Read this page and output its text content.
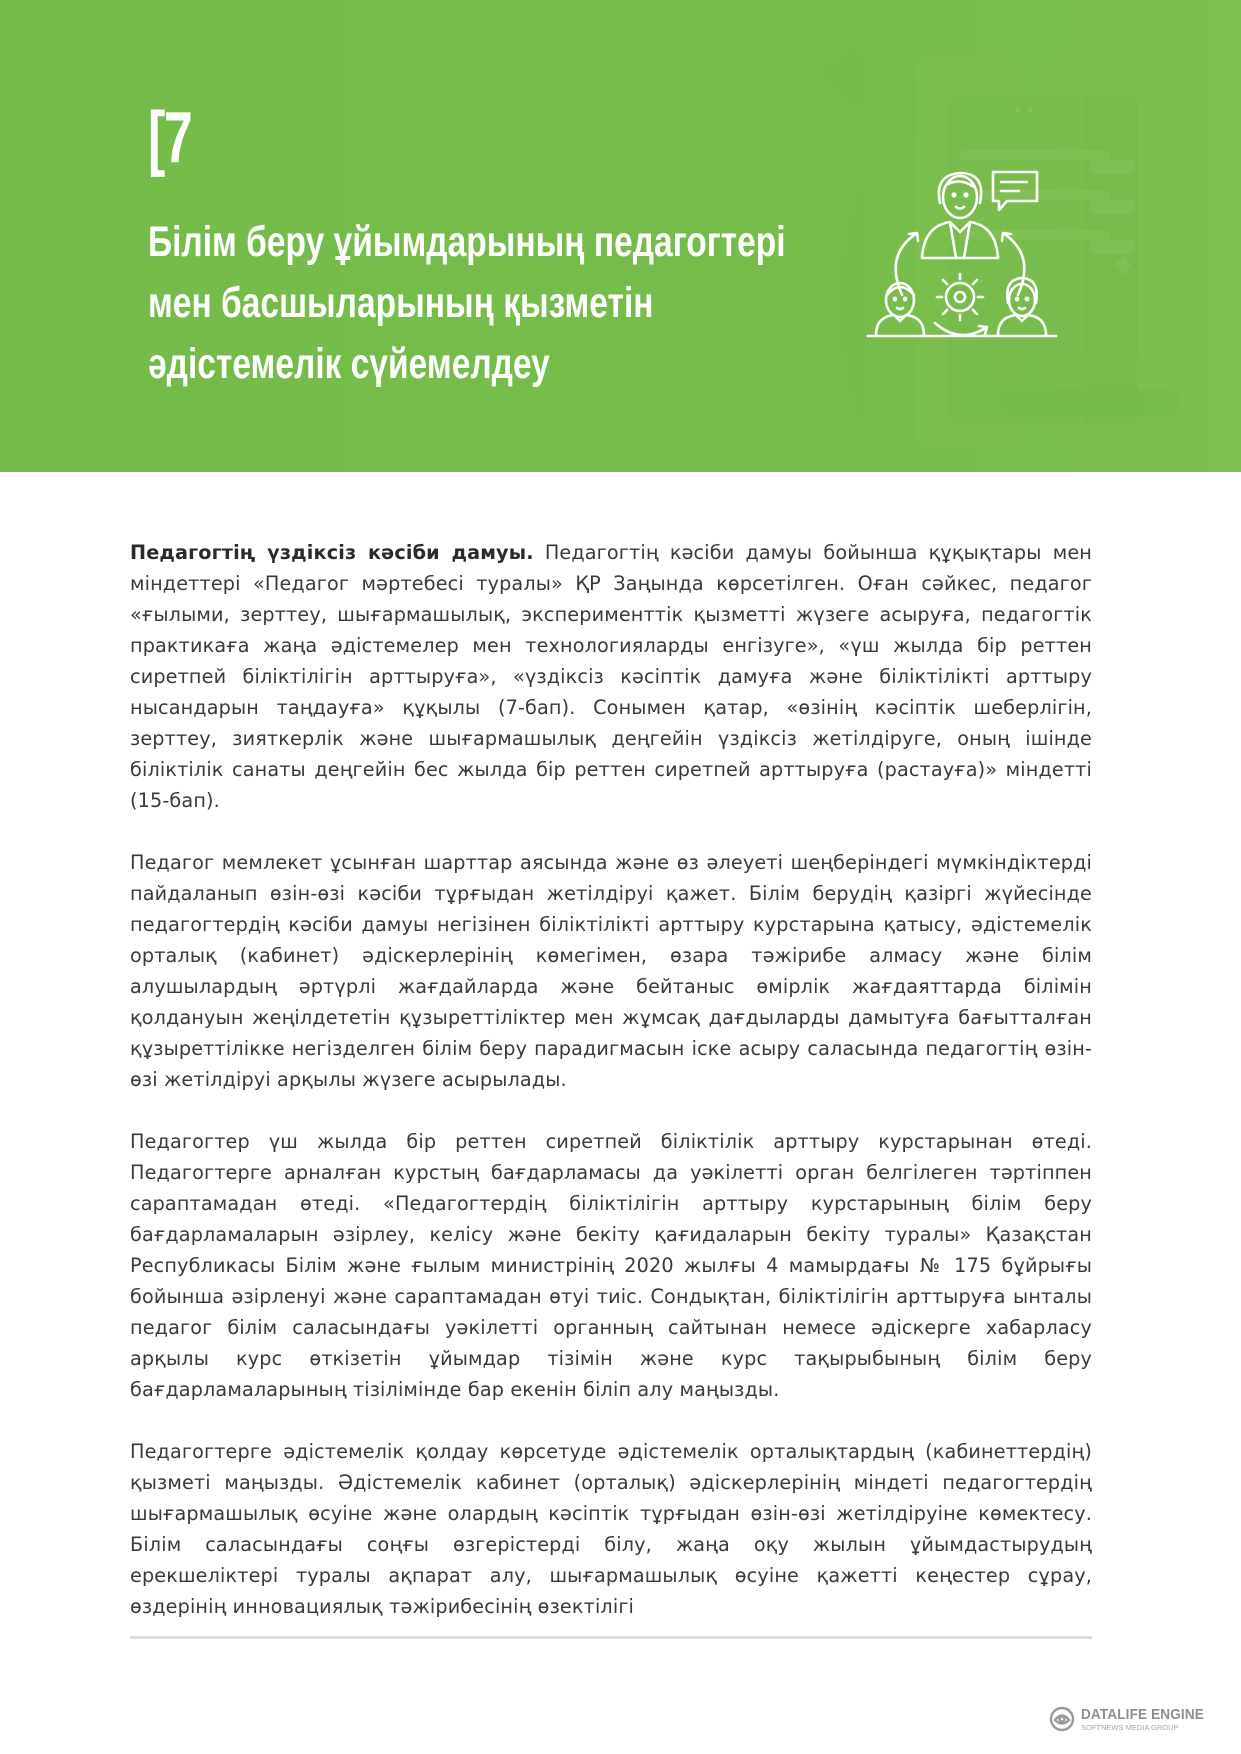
[7
Білім беру ұйымдарының педагогтері
мен басшыларының қызметін
әдістемелік сүйемелдеу

Педагогтің үздіксіз кәсіби дамуы. Педагогтің кәсіби дамуы бойынша құқықтары мен міндеттері «Педагог мәртебесі туралы» ҚР Заңында көрсетілген. Оған сәйкес, педагог «ғылыми, зерттеу, шығармашылық, эксперименттік қызметті жүзеге асыруға, педагогтік практикаға жаңа әдістемелер мен технологияларды енгізуге», «үш жылда бір реттен сиретпей біліктілігін арттыруға», «үздіксіз кәсіптік дамуға және біліктілікті арттыру нысандарын таңдауға» құқылы (7-бап). Сонымен қатар, «өзінің кәсіптік шеберлігін, зерттеу, зияткерлік және шығармашылық деңгейін үздіксіз жетілдіруге, оның ішінде біліктілік санаты деңгейін бес жылда бір реттен сиретпей арттыруға (растауға)» міндетті (15-бап).

Педагог мемлекет ұсынған шарттар аясында және өз әлеуеті шеңберіндегі мүмкіндіктерді пайдаланып өзін-өзі кәсіби тұрғыдан жетілдіруі қажет. Білім берудің қазіргі жүйесінде педагогтердің кәсіби дамуы негізінен біліктілікті арттыру курстарына қатысу, әдістемелік орталық (кабинет) әдіскерлерінің көмегімен, өзара тәжірибе алмасу және білім алушылардың әртүрлі жағдайларда және бейтаныс өмірлік жағдаяттарда білімін қолдануын жеңілдететін құзыреттіліктер мен жұмсақ дағдыларды дамытуға бағытталған құзыреттілікке негізделген білім беру парадигмасын іске асыру саласында педагогтің өзін-өзі жетілдіруі арқылы жүзеге асырылады.

Педагогтер үш жылда бір реттен сиретпей біліктілік арттыру курстарынан өтеді. Педагогтерге арналған курстың бағдарламасы да уәкілетті орган белгілеген тәртіппен сараптамадан өтеді. «Педагогтердің біліктілігін арттыру курстарының білім беру бағдарламаларын әзірлеу, келісу және бекіту қағидаларын бекіту туралы» Қазақстан Республикасы Білім және ғылым министрінің 2020 жылғы 4 мамырдағы № 175 бұйрығы бойынша әзірленуі және сараптамадан өтуі тиіс. Сондықтан, біліктілігін арттыруға ынталы педагог білім саласындағы уәкілетті органның сайтынан немесе әдіскерге хабарласу арқылы курс өткізетін ұйымдар тізімін және курс тақырыбының білім беру бағдарламаларының тізілімінде бар екенін біліп алу маңызды.

Педагогтерге әдістемелік қолдау көрсетуде әдістемелік орталықтардың (кабинеттердің) қызметі маңызды. Әдістемелік кабинет (орталық) әдіскерлерінің міндеті педагогтердің шығармашылық өсуіне және олардың кәсіптік тұрғыдан өзін-өзі жетілдіруіне көмектесу. Білім саласындағы соңғы өзгерістерді білу, жаңа оқу жылын ұйымдастырудың ерекшеліктері туралы ақпарат алу, шығармашылық өсуіне қажетті кеңестер сұрау, өздерінің инновациялық тәжірибесінің өзектілігі

DATALIFE ENGINE
SOFTNEWS MEDIA GROUP
